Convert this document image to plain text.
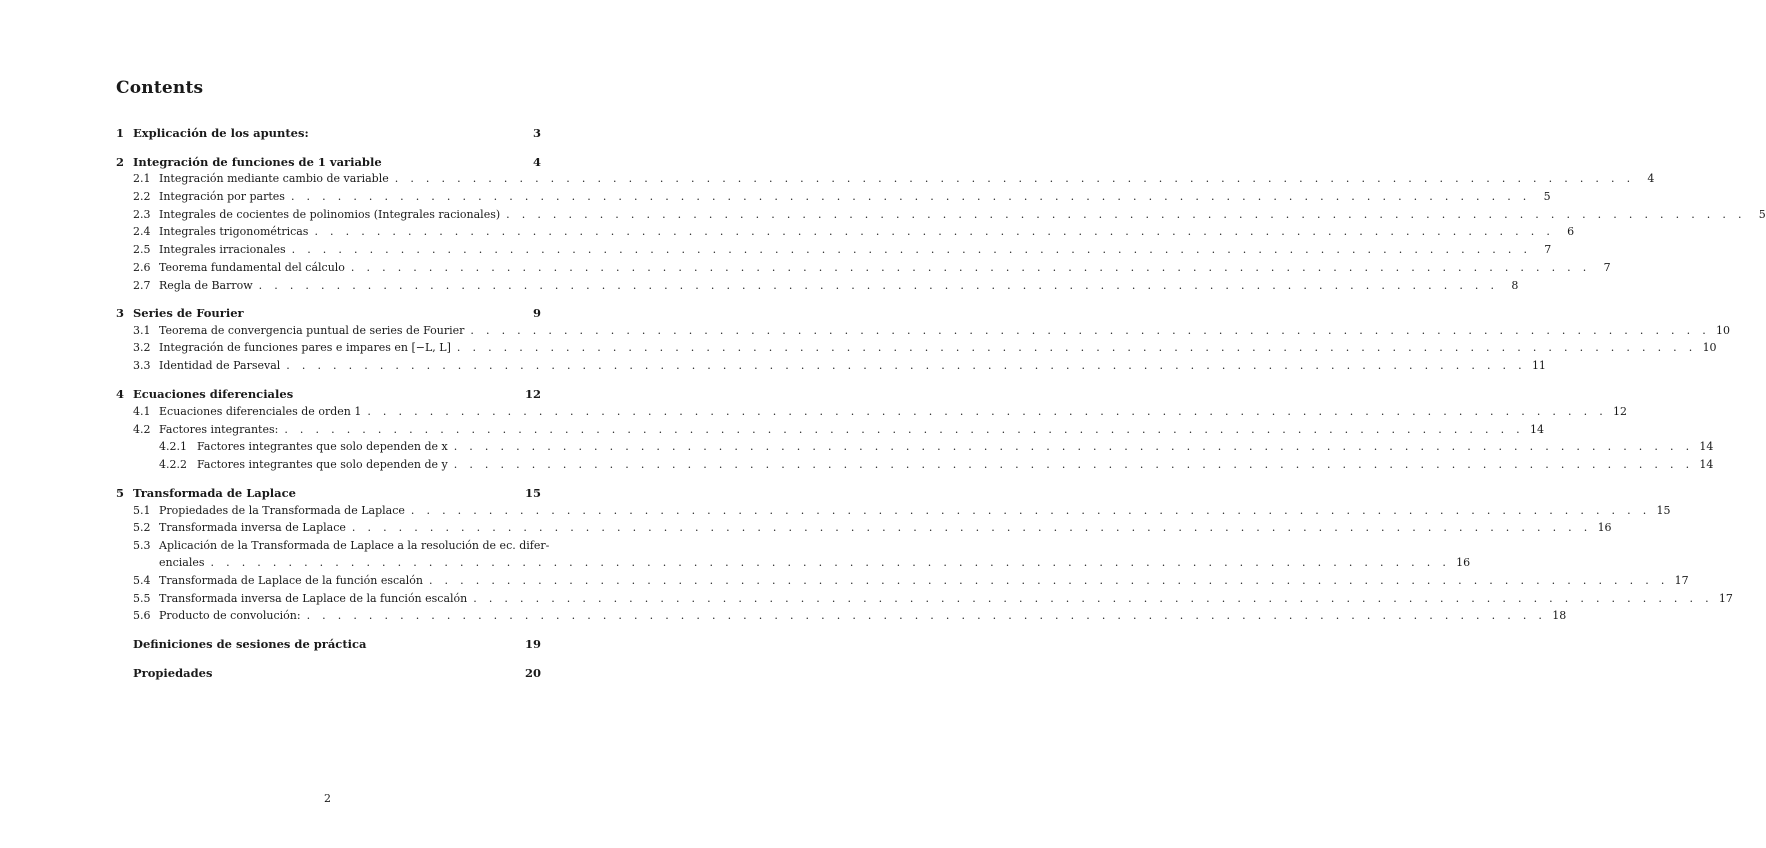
Contents
1 Explicación de los apuntes:	3
2 Integración de funciones de 1 variable	4
2.1 Integración mediante cambio de variable . . . . . . . . . . . . . . . . . . . . . . . . . . . . . . . . . . . . . . . . . . . . . . . . . . . . . . . . . . . . . . . . . . . . . . . . . . . . . . . .	4
2.2 Integración por partes . . . . . . . . . . . . . . . . . . . . . . . . . . . . . . . . . . . . . . . . . . . . . . . . . . . . . . . . . . . . . . . . . . . . . . . . . . . . . . . .	5
2.3 Integrales de cocientes de polinomios (Integrales racionales) . . . . . . . . . . . . . . . . . . . . . . . . . . . . . . . . . . . . . . . . . . . . . . . . . . . . . . . . . . . . . . . . . . . . . . . . . . . . . . . .	5
2.4 Integrales trigonométricas . . . . . . . . . . . . . . . . . . . . . . . . . . . . . . . . . . . . . . . . . . . . . . . . . . . . . . . . . . . . . . . . . . . . . . . . . . . . . . . .	6
2.5 Integrales irracionales . . . . . . . . . . . . . . . . . . . . . . . . . . . . . . . . . . . . . . . . . . . . . . . . . . . . . . . . . . . . . . . . . . . . . . . . . . . . . . . .	7
2.6 Teorema fundamental del cálculo . . . . . . . . . . . . . . . . . . . . . . . . . . . . . . . . . . . . . . . . . . . . . . . . . . . . . . . . . . . . . . . . . . . . . . . . . . . . . . . .	7
2.7 Regla de Barrow . . . . . . . . . . . . . . . . . . . . . . . . . . . . . . . . . . . . . . . . . . . . . . . . . . . . . . . . . . . . . . . . . . . . . . . . . . . . . . . .	8
3 Series de Fourier	9
3.1 Teorema de convergencia puntual de series de Fourier . . . . . . . . . . . . . . . . . . . . . . . . . . . . . . . . . . . . . . . . . . . . . . . . . . . . . . . . . . . . . . . . . . . . . . . . . . . . . . . . 10
3.2 Integración de funciones pares e impares en [−L, L] . . . . . . . . . . . . . . . . . . . . . . . . . . . . . . . . . . . . . . . . . . . . . . . . . . . . . . . . . . . . . . . . . . . . . . . . . . . . . . . . 10
3.3 Identidad de Parseval . . . . . . . . . . . . . . . . . . . . . . . . . . . . . . . . . . . . . . . . . . . . . . . . . . . . . . . . . . . . . . . . . . . . . . . . . . . . . . . . 11
4 Ecuaciones diferenciales	12
4.1 Ecuaciones diferenciales de orden 1 . . . . . . . . . . . . . . . . . . . . . . . . . . . . . . . . . . . . . . . . . . . . . . . . . . . . . . . . . . . . . . . . . . . . . . . . . . . . . . . . 12
4.2 Factores integrantes: . . . . . . . . . . . . . . . . . . . . . . . . . . . . . . . . . . . . . . . . . . . . . . . . . . . . . . . . . . . . . . . . . . . . . . . . . . . . . . . . 14
4.2.1 Factores integrantes que solo dependen de x . . . . . . . . . . . . . . . . . . . . . . . . . . . . . . . . . . . . . . . . . . . . . . . . . . . . . . . . . . . . . . . . . . . . . . . . . . . . . . . . 14
4.2.2 Factores integrantes que solo dependen de y . . . . . . . . . . . . . . . . . . . . . . . . . . . . . . . . . . . . . . . . . . . . . . . . . . . . . . . . . . . . . . . . . . . . . . . . . . . . . . . . 14
5 Transformada de Laplace	15
5.1 Propiedades de la Transformada de Laplace . . . . . . . . . . . . . . . . . . . . . . . . . . . . . . . . . . . . . . . . . . . . . . . . . . . . . . . . . . . . . . . . . . . . . . . . . . . . . . . . 15
5.2 Transformada inversa de Laplace . . . . . . . . . . . . . . . . . . . . . . . . . . . . . . . . . . . . . . . . . . . . . . . . . . . . . . . . . . . . . . . . . . . . . . . . . . . . . . . . 16
5.3 Aplicación de la Transformada de Laplace a la resolución de ec. difer-
enciales . . . . . . . . . . . . . . . . . . . . . . . . . . . . . . . . . . . . . . . . . . . . . . . . . . . . . . . . . . . . . . . . . . . . . . . . . . . . . . . . 16
5.4 Transformada de Laplace de la función escalón . . . . . . . . . . . . . . . . . . . . . . . . . . . . . . . . . . . . . . . . . . . . . . . . . . . . . . . . . . . . . . . . . . . . . . . . . . . . . . . . 17
5.5 Transformada inversa de Laplace de la función escalón . . . . . . . . . . . . . . . . . . . . . . . . . . . . . . . . . . . . . . . . . . . . . . . . . . . . . . . . . . . . . . . . . . . . . . . . . . . . . . . . 17
5.6 Producto de convolución: . . . . . . . . . . . . . . . . . . . . . . . . . . . . . . . . . . . . . . . . . . . . . . . . . . . . . . . . . . . . . . . . . . . . . . . . . . . . . . . . 18
Definiciones de sesiones de práctica	19
Propiedades	20
2
